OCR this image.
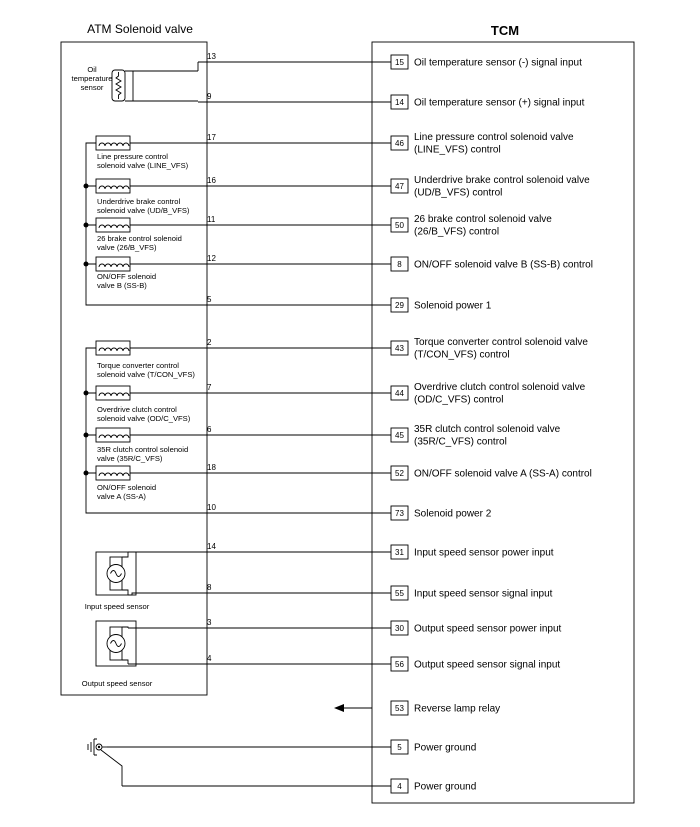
ATM Solenoid valve	TCM
Oil
temperature
sensor
Line pressure control
solenoid valve (LINE_VFS)
Underdrive brake control
solenoid valve (UD/B_VFS)
26 brake control solenoid
valve (26/B_VFS)
ON/OFF solenoid
valve B (SS-B)
Torque converter control
solenoid valve (T/CON_VFS)
Overdrive clutch control
solenoid valve (OD/C_VFS)
35R clutch control solenoid
valve (35R/C_VFS)
ON/OFF solenoid
valve A (SS-A)
Input speed sensor
Output speed sensor
13
15 Oil temperature sensor (-) signal input
9
14 Oil temperature sensor (+) signal input
17
46
Line pressure control solenoid valve
(LINE_VFS) control
16
47
Underdrive brake control solenoid valve
(UD/B_VFS) control
11
50
26 brake control solenoid valve
(26/B_VFS) control
12
8 ON/OFF solenoid valve B (SS-B) control
5
29 Solenoid power 1
2
43
Torque converter control solenoid valve
(T/CON_VFS) control
7
44
Overdrive clutch control solenoid valve
(OD/C_VFS) control
6
45
35R clutch control solenoid valve
(35R/C_VFS) control
18
52 ON/OFF solenoid valve A (SS-A) control
10
73 Solenoid power 2
14
31 Input speed sensor power input
8
55 Input speed sensor signal input
3
30 Output speed sensor power input
4
56 Output speed sensor signal input
53 Reverse lamp relay
5 Power ground
4 Power ground
